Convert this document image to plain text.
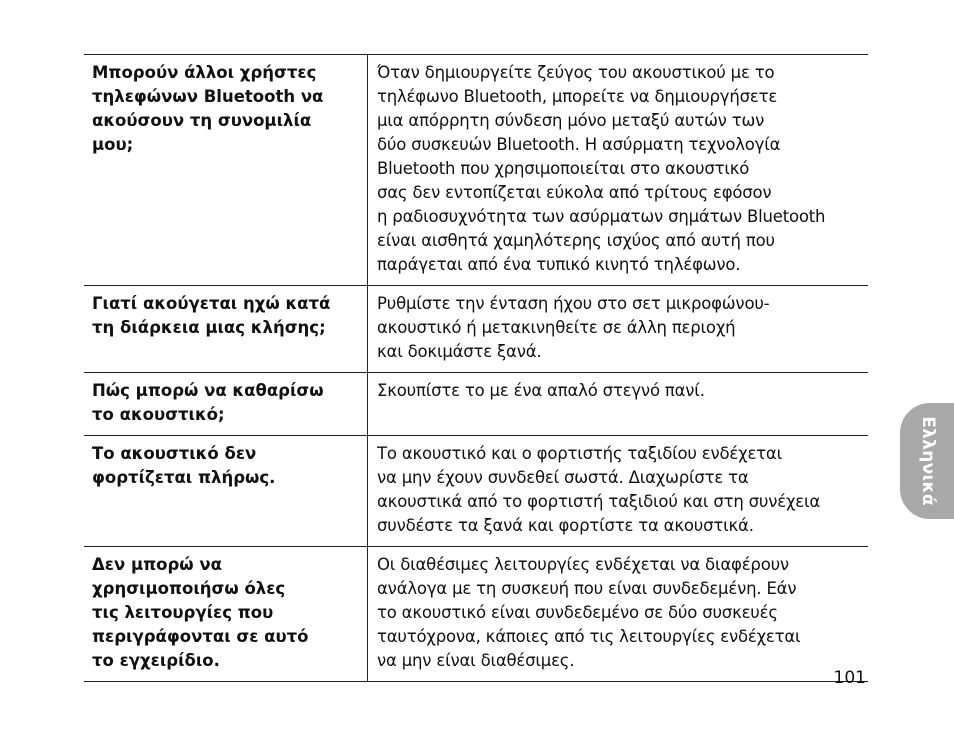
Μπορούν άλλοι χρήστες
τηλεφώνων Bluetooth να
ακούσουν τη συνομιλία
μου;
Όταν δημιουργείτε ζεύγος του ακουστικού με το
τηλέφωνο Bluetooth, μπορείτε να δημιουργήσετε
μια απόρρητη σύνδεση μόνο μεταξύ αυτών των
δύο συσκευών Bluetooth. Η ασύρματη τεχνολογία
Bluetooth που χρησιμοποιείται στο ακουστικό
σας δεν εντοπίζεται εύκολα από τρίτους εφόσον
η ραδιοσυχνότητα των ασύρματων σημάτων Bluetooth
είναι αισθητά χαμηλότερης ισχύος από αυτή που
παράγεται από ένα τυπικό κινητό τηλέφωνο.
Γιατί ακούγεται ηχώ κατά
τη διάρκεια μιας κλήσης;
Ρυθμίστε την ένταση ήχου στο σετ μικροφώνου-
ακουστικό ή μετακινηθείτε σε άλλη περιοχή
και δοκιμάστε ξανά.
Πώς μπορώ να καθαρίσω
το ακουστικό;
Σκουπίστε το με ένα απαλό στεγνό πανί.
Το ακουστικό δεν
φορτίζεται πλήρως.
Το ακουστικό και ο φορτιστής ταξιδίου ενδέχεται
να μην έχουν συνδεθεί σωστά. Διαχωρίστε τα
ακουστικά από το φορτιστή ταξιδιού και στη συνέχεια
συνδέστε τα ξανά και φορτίστε τα ακουστικά.
Δεν μπορώ να
χρησιμοποιήσω όλες
τις λειτουργίες που
περιγράφονται σε αυτό
το εγχειρίδιο.
Οι διαθέσιμες λειτουργίες ενδέχεται να διαφέρουν
ανάλογα με τη συσκευή που είναι συνδεδεμένη. Εάν
το ακουστικό είναι συνδεδεμένο σε δύο συσκευές
ταυτόχρονα, κάποιες από τις λειτουργίες ενδέχεται
να μην είναι διαθέσιμες.
Ελληνικά
101
